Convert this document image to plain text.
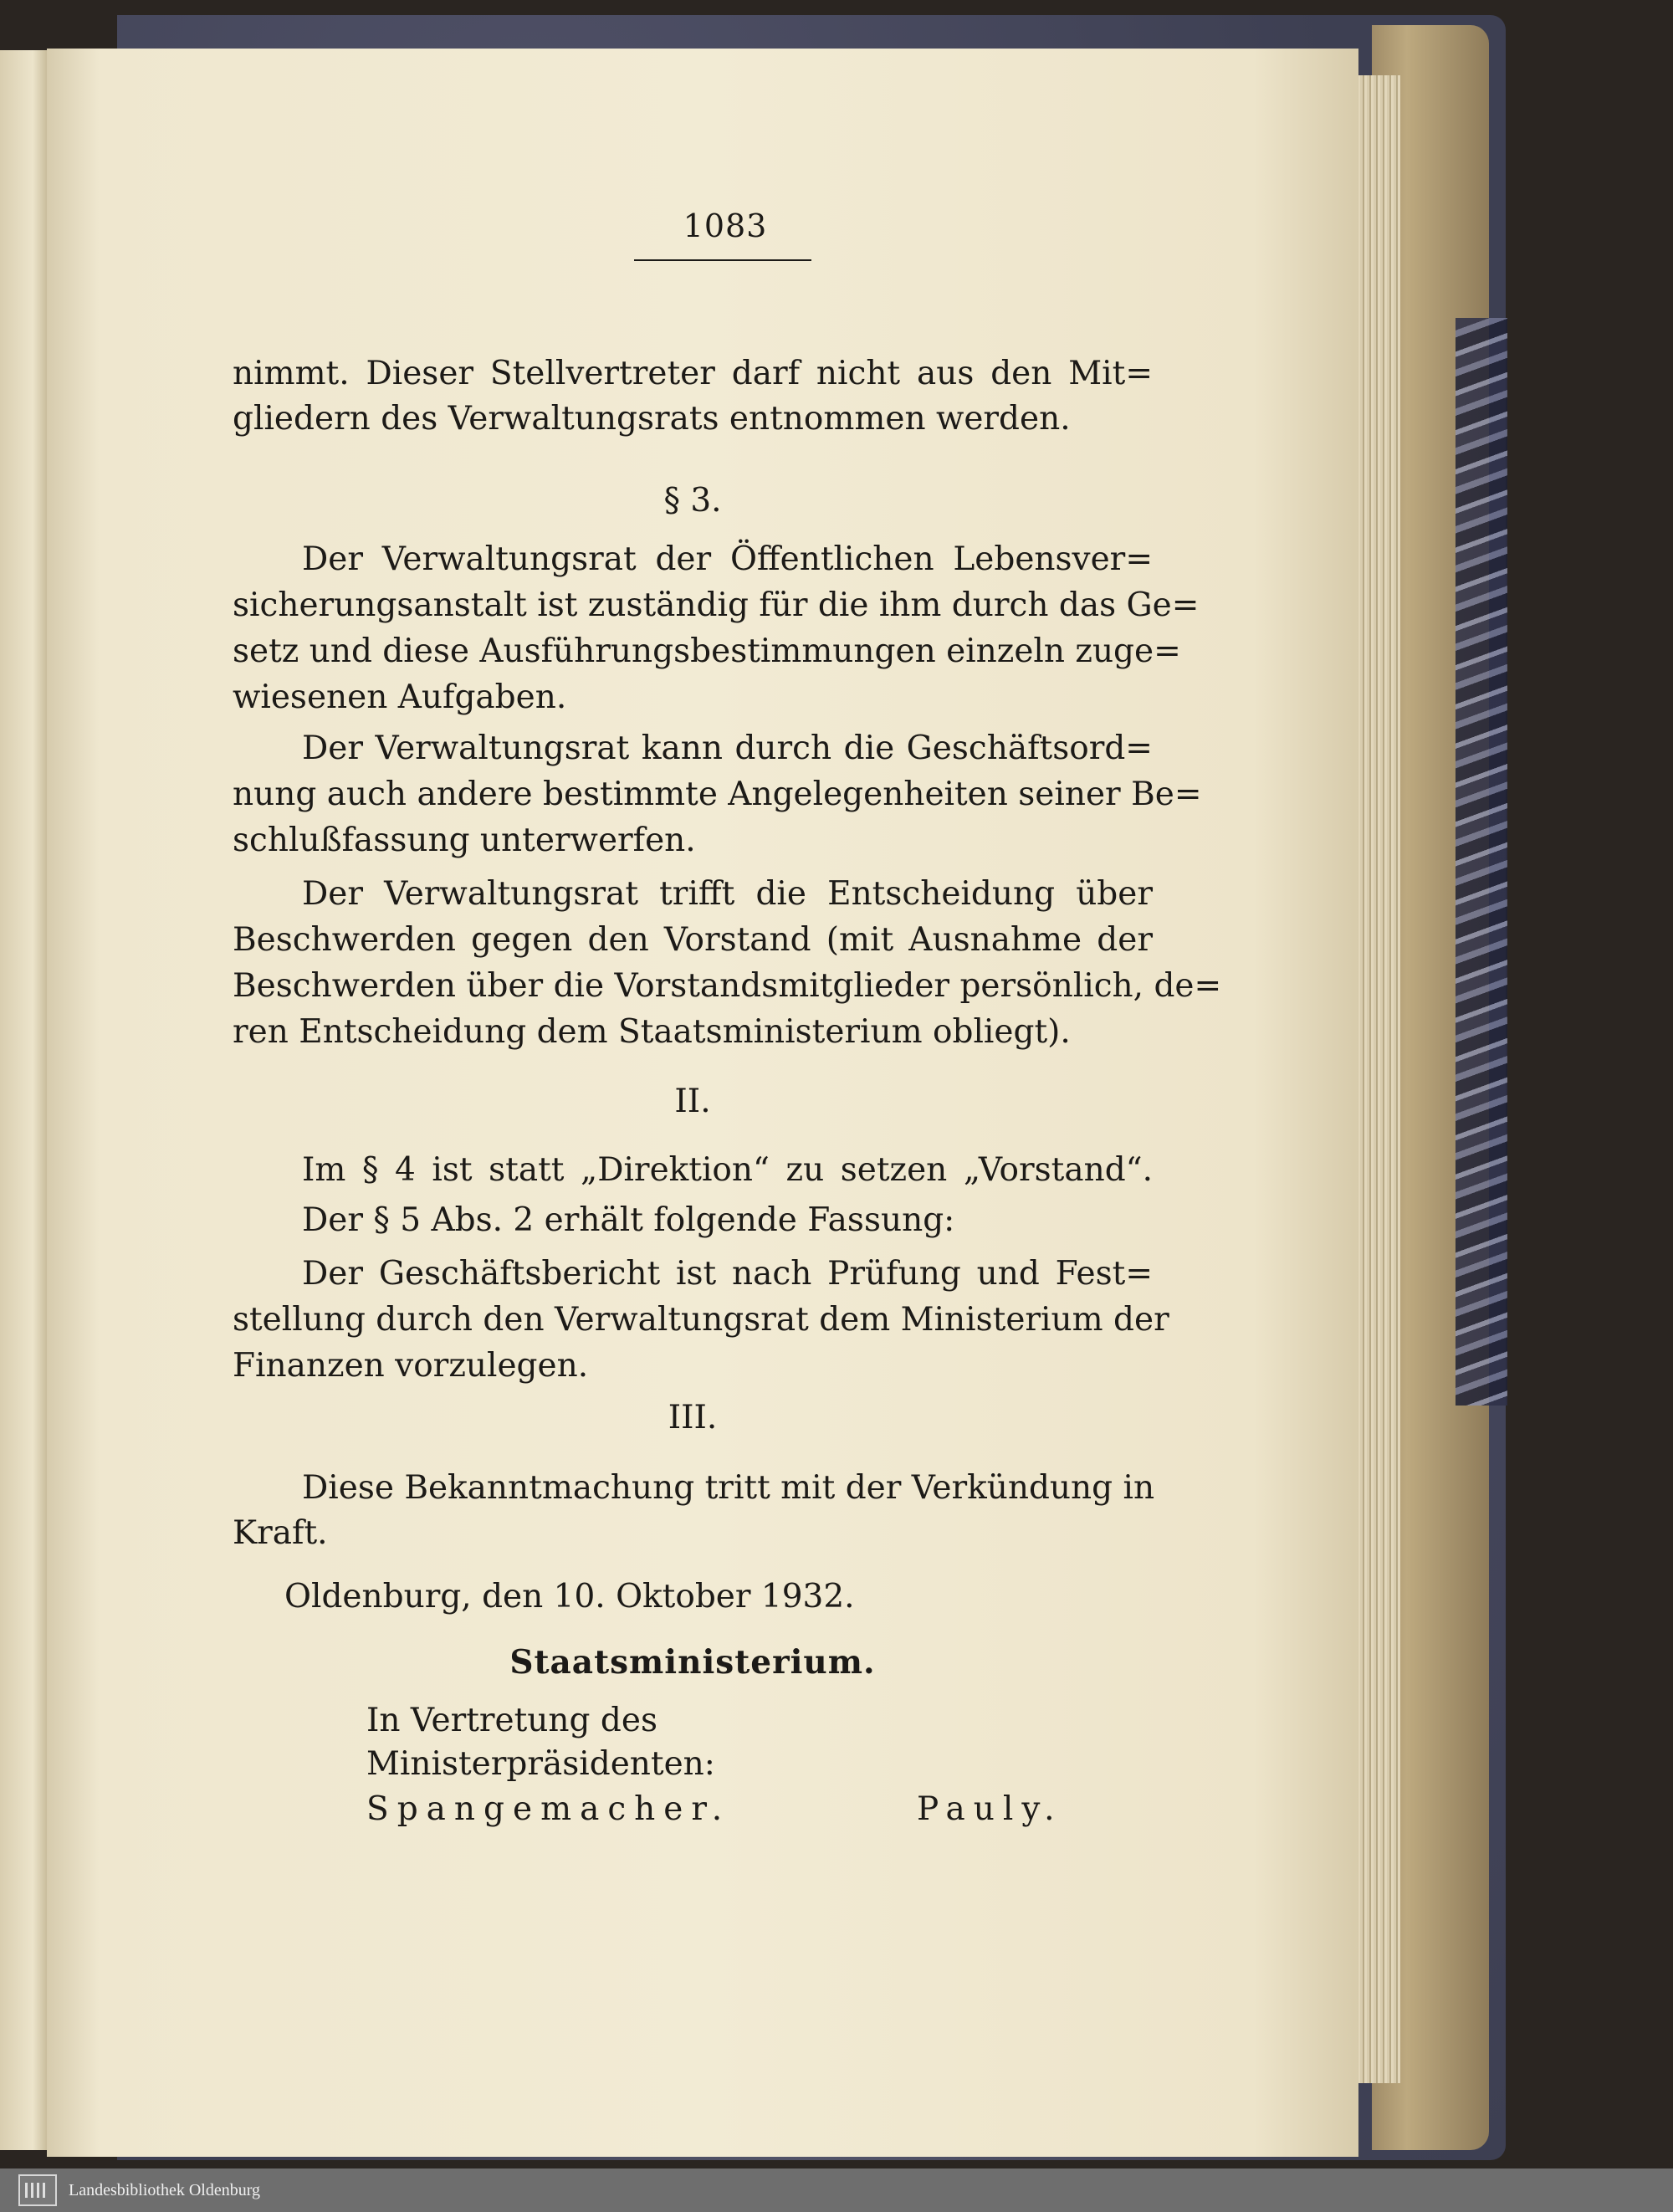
1083

nimmt. Dieser Stellvertreter darf nicht aus den Mit=

gliedern des Verwaltungsrats entnommen werden.

§ 3.

Der Verwaltungsrat der Öffentlichen Lebensver=

sicherungsanstalt ist zuständig für die ihm durch das Ge=

setz und diese Ausführungsbestimmungen einzeln zuge=

wiesenen Aufgaben.

Der Verwaltungsrat kann durch die Geschäftsord=

nung auch andere bestimmte Angelegenheiten seiner Be=

schlußfassung unterwerfen.

Der Verwaltungsrat trifft die Entscheidung über

Beschwerden gegen den Vorstand (mit Ausnahme der

Beschwerden über die Vorstandsmitglieder persönlich, de=

ren Entscheidung dem Staatsministerium obliegt).

II.

Im § 4 ist statt „Direktion“ zu setzen „Vorstand“.

Der § 5 Abs. 2 erhält folgende Fassung:

Der Geschäftsbericht ist nach Prüfung und Fest=

stellung durch den Verwaltungsrat dem Ministerium der

Finanzen vorzulegen.

III.

Diese Bekanntmachung tritt mit der Verkündung in

Kraft.

Oldenburg, den 10. Oktober 1932.

Staatsministerium.

In Vertretung des

Ministerpräsidenten:

Spangemacher.	Pauly.

Landesbibliothek Oldenburg
